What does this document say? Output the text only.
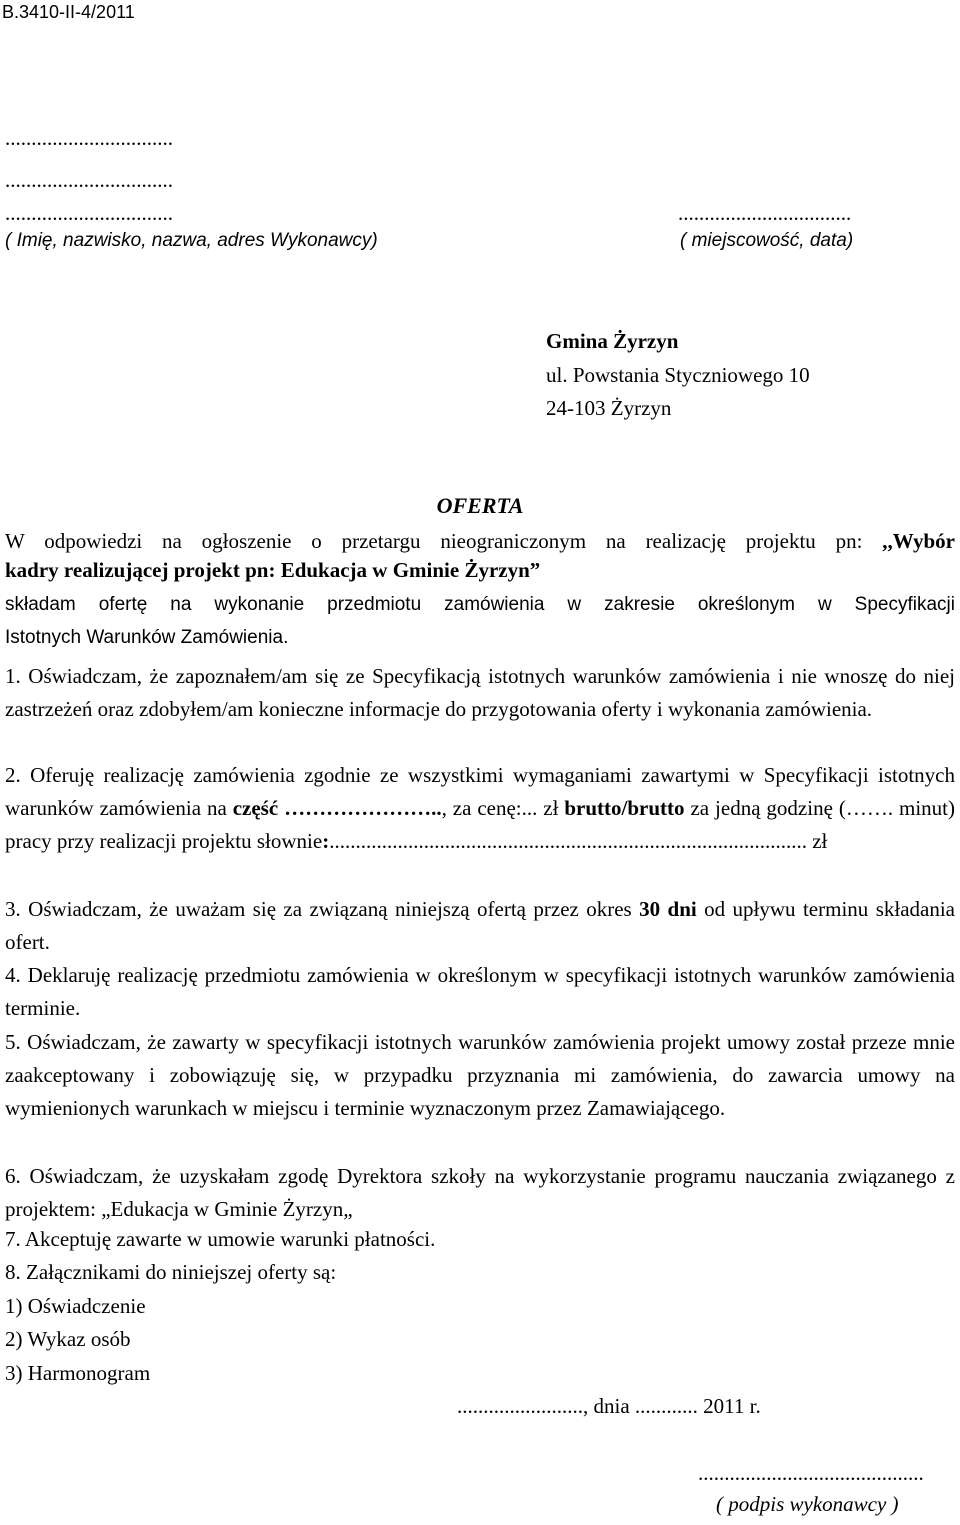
B.3410-II-4/2011
................................
................................
................................	.................................
( Imię, nazwisko, nazwa, adres Wykonawcy)	( miejscowość, data)
Gmina Żyrzyn
ul. Powstania Styczniowego 10
24-103 Żyrzyn
OFERTA
W odpowiedzi na ogłoszenie o przetargu nieograniczonym na realizację projektu pn: ,,Wybór
kadry realizującej projekt pn: Edukacja w Gminie Żyrzyn”
składam ofertę na wykonanie przedmiotu zamówienia w zakresie określonym w Specyfikacji
Istotnych Warunków Zamówienia.
1. Oświadczam, że zapoznałem/am się ze Specyfikacją istotnych warunków zamówienia i nie wnoszę do niej zastrzeżeń oraz zdobyłem/am konieczne informacje do przygotowania oferty i wykonania zamówienia.
2. Oferuję realizację zamówienia zgodnie ze wszystkimi wymaganiami zawartymi w Specyfikacji istotnych warunków zamówienia na część ………………….., za cenę:... zł brutto/brutto za jedną godzinę (……. minut) pracy przy realizacji projektu słownie:........................................................................................... zł
3. Oświadczam, że uważam się za związaną niniejszą ofertą przez okres 30 dni od upływu terminu składania ofert.
4. Deklaruję realizację przedmiotu zamówienia w określonym w specyfikacji istotnych warunków zamówienia terminie.
5. Oświadczam, że zawarty w specyfikacji istotnych warunków zamówienia projekt umowy został przeze mnie zaakceptowany i zobowiązuję się, w przypadku przyznania mi zamówienia, do zawarcia umowy na wymienionych warunkach w miejscu i terminie wyznaczonym przez Zamawiającego.
6. Oświadczam, że uzyskałam zgodę Dyrektora szkoły na wykorzystanie programu nauczania związanego z projektem: „Edukacja w Gminie Żyrzyn„
7. Akceptuję zawarte w umowie warunki płatności.
8. Załącznikami do niniejszej oferty są:
1) Oświadczenie
2) Wykaz osób
3) Harmonogram
........................, dnia ............ 2011 r.
...........................................
( podpis wykonawcy )
